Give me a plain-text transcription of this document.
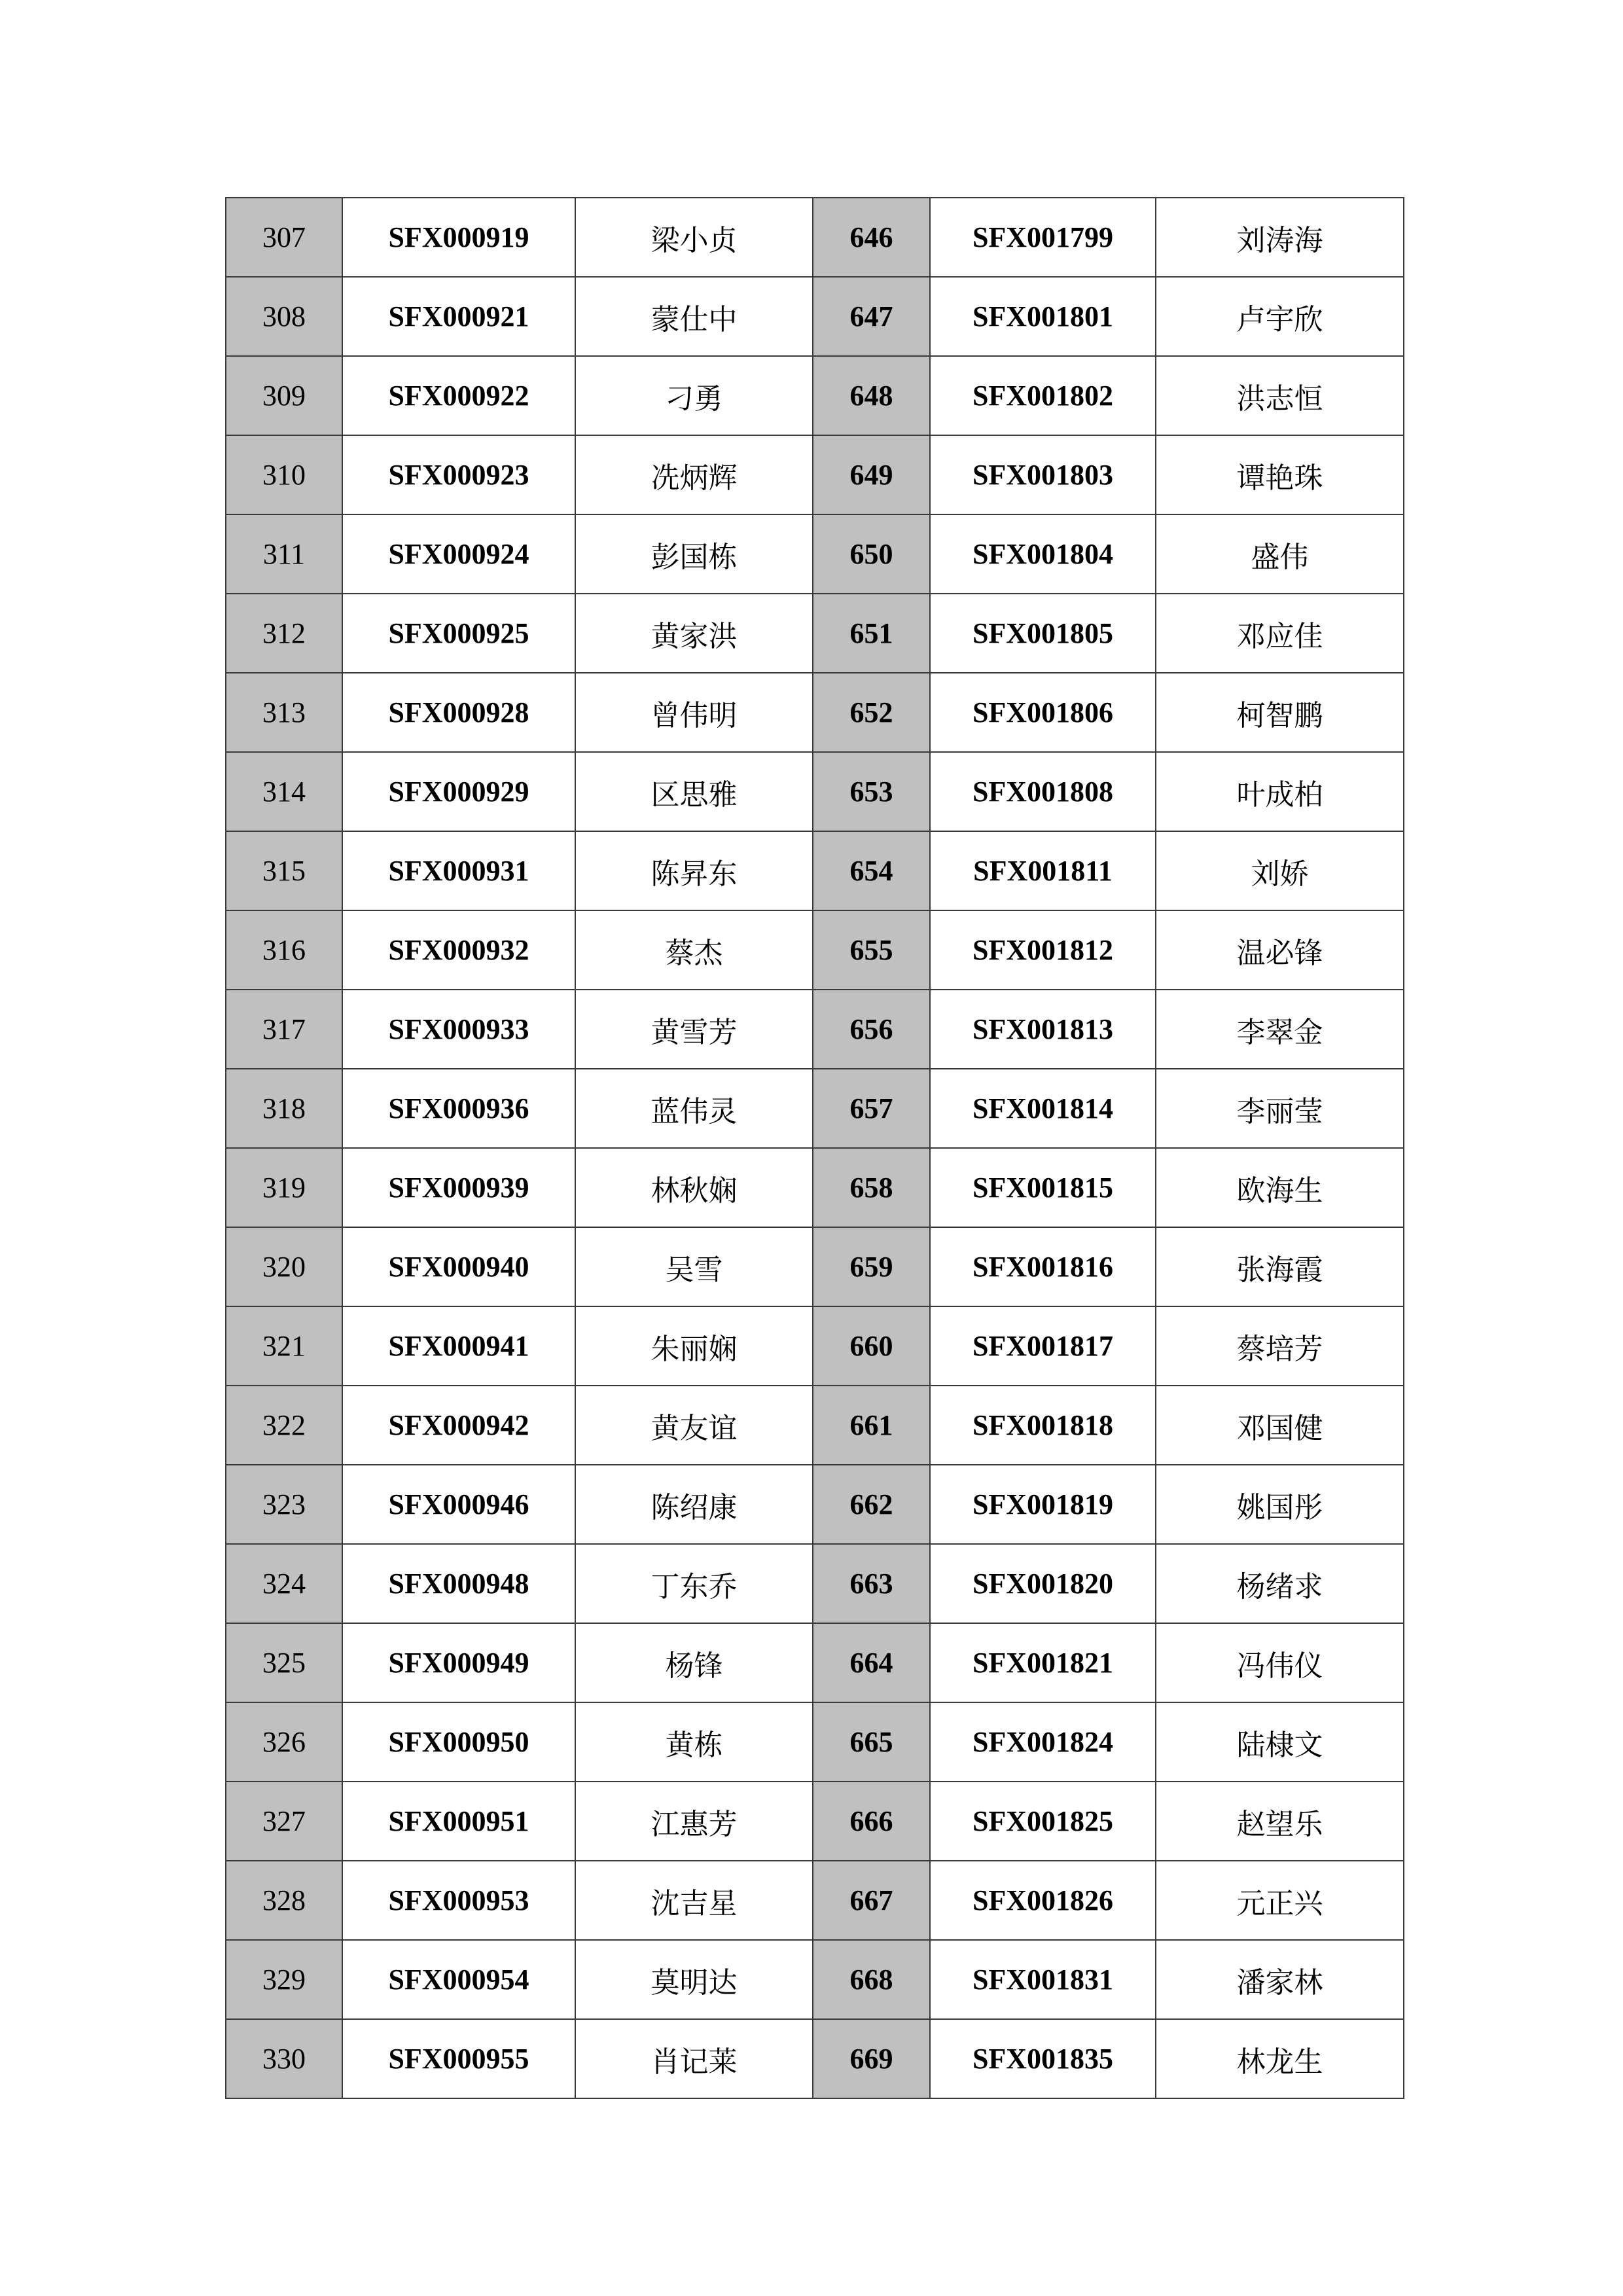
307	SFX000919	梁小贞	646	SFX001799	刘涛海
308	SFX000921	蒙仕中	647	SFX001801	卢宇欣
309	SFX000922	刁勇	648	SFX001802	洪志恒
310	SFX000923	冼炳辉	649	SFX001803	谭艳珠
311	SFX000924	彭国栋	650	SFX001804	盛伟
312	SFX000925	黄家洪	651	SFX001805	邓应佳
313	SFX000928	曾伟明	652	SFX001806	柯智鹏
314	SFX000929	区思雅	653	SFX001808	叶成柏
315	SFX000931	陈昇东	654	SFX001811	刘娇
316	SFX000932	蔡杰	655	SFX001812	温必锋
317	SFX000933	黄雪芳	656	SFX001813	李翠金
318	SFX000936	蓝伟灵	657	SFX001814	李丽莹
319	SFX000939	林秋娴	658	SFX001815	欧海生
320	SFX000940	吴雪	659	SFX001816	张海霞
321	SFX000941	朱丽娴	660	SFX001817	蔡培芳
322	SFX000942	黄友谊	661	SFX001818	邓国健
323	SFX000946	陈绍康	662	SFX001819	姚国彤
324	SFX000948	丁东乔	663	SFX001820	杨绪求
325	SFX000949	杨锋	664	SFX001821	冯伟仪
326	SFX000950	黄栋	665	SFX001824	陆棣文
327	SFX000951	江惠芳	666	SFX001825	赵望乐
328	SFX000953	沈吉星	667	SFX001826	元正兴
329	SFX000954	莫明达	668	SFX001831	潘家林
330	SFX000955	肖记莱	669	SFX001835	林龙生
